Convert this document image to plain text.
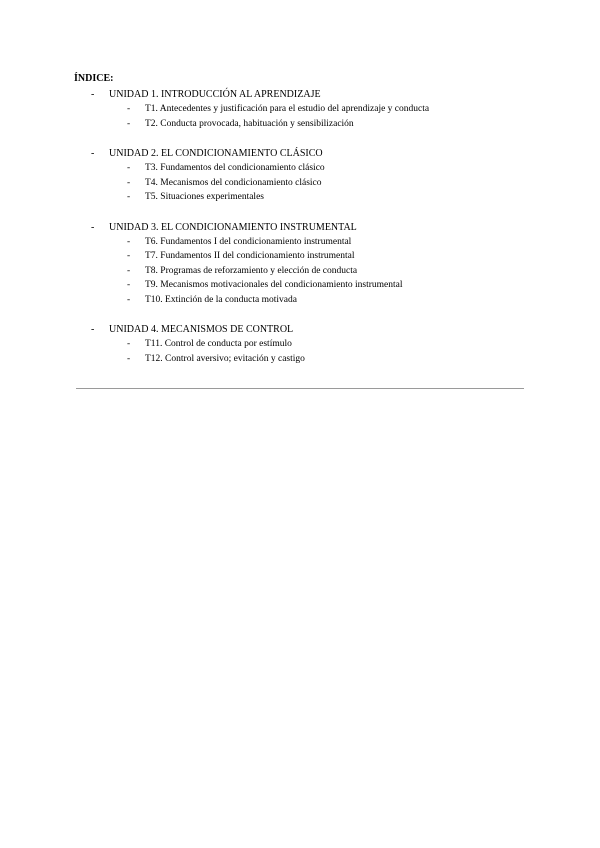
ÍNDICE:
- UNIDAD 1. INTRODUCCIÓN AL APRENDIZAJE
- T1. Antecedentes y justificación para el estudio del aprendizaje y conducta
- T2. Conducta provocada, habituación y sensibilización
- UNIDAD 2. EL CONDICIONAMIENTO CLÁSICO
- T3. Fundamentos del condicionamiento clásico
- T4. Mecanismos del condicionamiento clásico
- T5. Situaciones experimentales
- UNIDAD 3. EL CONDICIONAMIENTO INSTRUMENTAL
- T6. Fundamentos I del condicionamiento instrumental
- T7. Fundamentos II del condicionamiento instrumental
- T8. Programas de reforzamiento y elección de conducta
- T9. Mecanismos motivacionales del condicionamiento instrumental
- T10. Extinción de la conducta motivada
- UNIDAD 4. MECANISMOS DE CONTROL
- T11. Control de conducta por estímulo
- T12. Control aversivo; evitación y castigo
